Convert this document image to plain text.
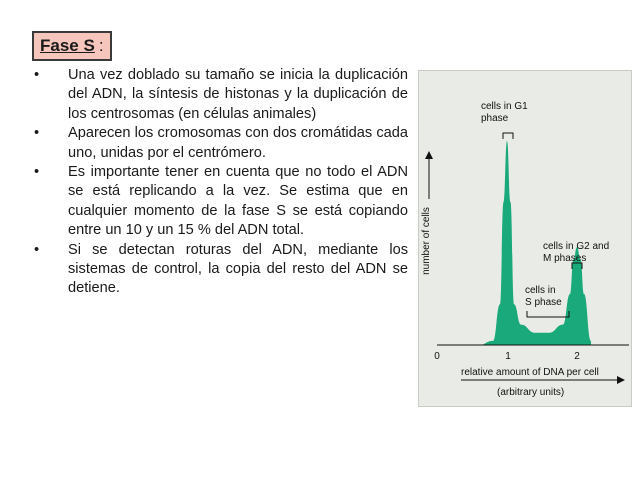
Fase S :
• Una vez doblado su tamaño se inicia la duplicación del ADN, la síntesis de histonas y la duplicación de los centrosomas (en células animales)
• Aparecen los cromosomas con dos cromátidas cada uno, unidas por el centrómero.
• Es importante tener en cuenta que no todo el ADN se está replicando a la vez. Se estima que en cualquier momento de la fase S se está copiando entre un 10 y un 15 % del ADN total.
• Si se detectan roturas del ADN, mediante los sistemas de control, la copia del resto del ADN se detiene.
number of cells
cells in G1
phase
cells in G2 and
M phases
cells in
S phase
0	1	2
relative amount of DNA per cell
(arbitrary units)
